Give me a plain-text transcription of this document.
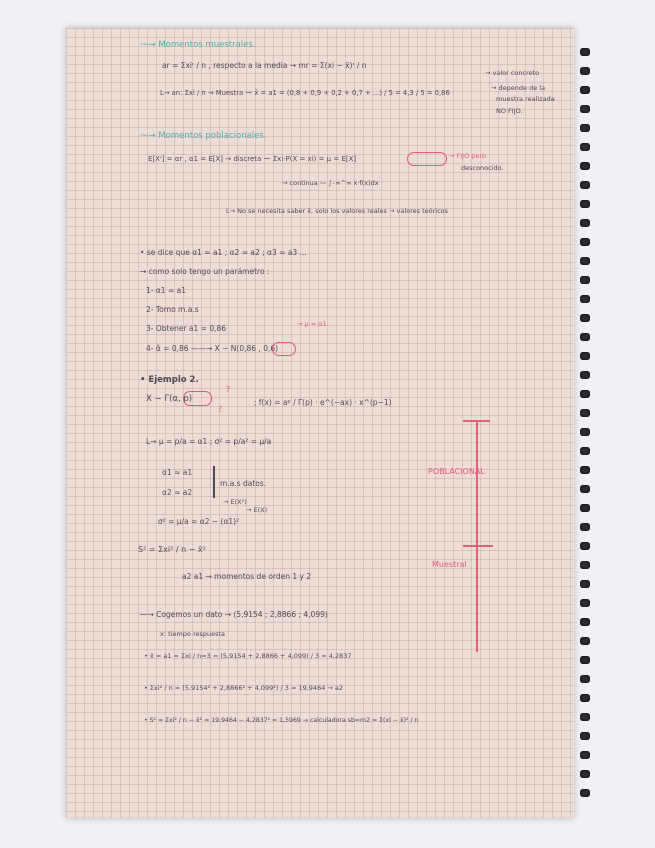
⁓→ Momentos muestrales.
ar = Σxiʳ / n , respecto a la media → mr = Σ(xi − x̄)ʳ / n
→ valor concreto
L→ an: Σxi / n → Muestra ⁓ x̄ = a1 = (0,8 + 0,9 + 0,2 + 0,7 + ...) / 5 = 4,3 / 5 = 0,86
→ depende de la
muestra realizada
NO FIJO.
⁓→ Momentos poblacionales.
E[Xʳ] = αr , α1 = E[X] → discreta ⁓ Σxi·P(X = xi) = μ = E[X]	→ FIJO pero
desconocido.
→ continua ⁓ ∫₋∞^∞ x·f(x)dx
L→ No se necesita saber x̄, solo los valores reales → valores teóricos
• se dice que α1 ≈ a1 ; α2 ≈ a2 ; α3 ≈ a3 ...
→ como solo tengo un parámetro :
1- α1 ≈ a1
2- Tomo m.a.s
3- Obtener a1 = 0,86	→ μ = α1
4- α̂ = 0,86 ——→ X ∼ N(0,86 , 0,6)
• Ejemplo 2.
X ∼ Γ(α, p)
?
?
; f(x) = aᵖ / Γ(p) · e^(−ax) · x^(p−1)
L→ μ = p/a = α1 ; σ² = p/a² = μ/a
α1 ≈ a1
m.a.s datos.
α2 ≈ a2
→ E(X²)
→ E(X)
σ² = μ/a = α2 − (α1)²
S² = Σxi² / n − x̄²
a2 a1 → momentos de orden 1 y 2
POBLACIONAL
Muestral
⁓→ Cogemos un dato → (5,9154 ; 2,8866 ; 4,099)
x: tiempo respuesta
• x̄ = a1 = Σxi / n=3 = (5,9154 + 2,8866 + 4,099) / 3 = 4,2837
• Σxi² / n = (5,9154² + 2,8866² + 4,099²) / 3 = 19,9464 → a2
• S² = Σxi² / n − x̄² = 19,9464 − 4,2837² = 1,5969 → calculadora sb=m2 = Σ(xi − x̄)² / n
